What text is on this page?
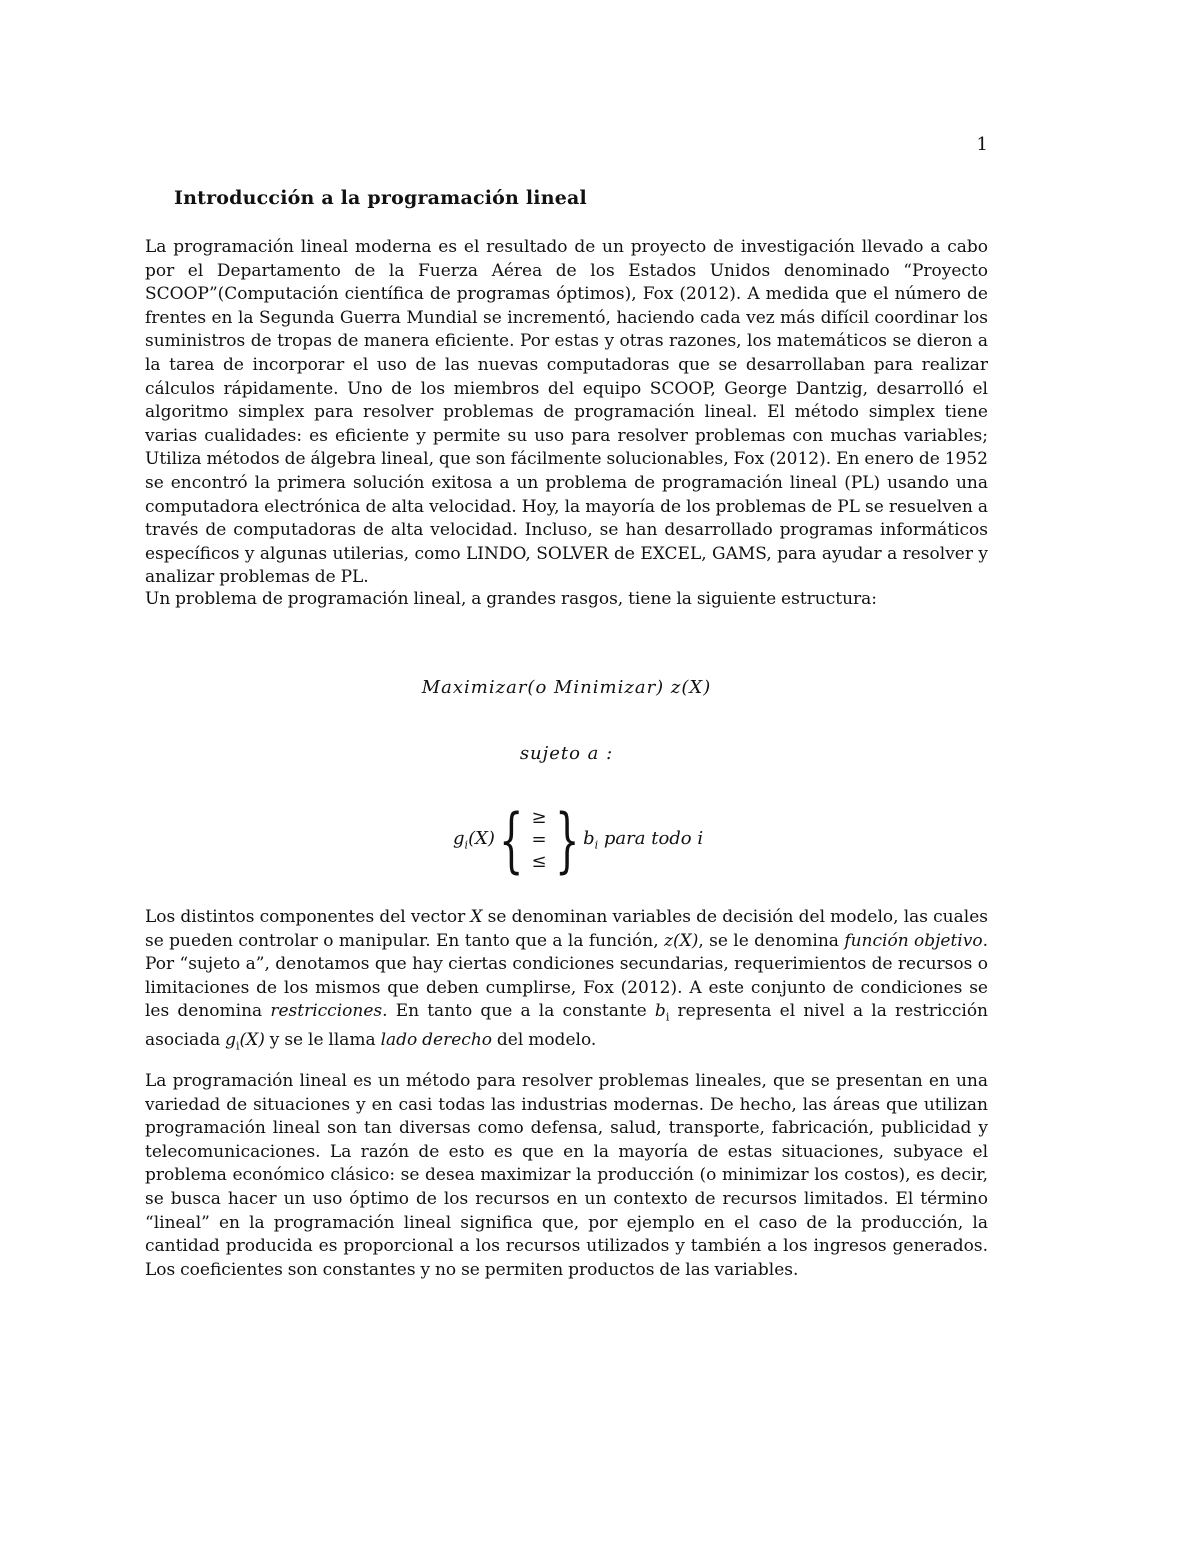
1
Introducción a la programación lineal

La programación lineal moderna es el resultado de un proyecto de investigación llevado a cabo por el Departamento de la Fuerza Aérea de los Estados Unidos denominado “Proyecto SCOOP”(Computación científica de programas óptimos), Fox (2012). A medida que el número de frentes en la Segunda Guerra Mundial se incrementó, haciendo cada vez más difícil coordinar los suministros de tropas de manera eficiente. Por estas y otras razones, los matemáticos se dieron a la tarea de incorporar el uso de las nuevas computadoras que se desarrollaban para realizar cálculos rápidamente. Uno de los miembros del equipo SCOOP, George Dantzig, desarrolló el algoritmo simplex para resolver problemas de programación lineal. El método simplex tiene varias cualidades: es eficiente y permite su uso para resolver problemas con muchas variables; Utiliza métodos de álgebra lineal, que son fácilmente solucionables, Fox (2012). En enero de 1952 se encontró la primera solución exitosa a un problema de programación lineal (PL) usando una computadora electrónica de alta velocidad. Hoy, la mayoría de los problemas de PL se resuelven a través de computadoras de alta velocidad. Incluso, se han desarrollado programas informáticos específicos y algunas utilerias, como LINDO, SOLVER de EXCEL, GAMS, para ayudar a resolver y analizar problemas de PL.

Un problema de programación lineal, a grandes rasgos, tiene la siguiente estructura:

Maximizar(o Minimizar) z(X)
sujeto a :
$g_i(X)$ { ≥
=
≤ } $b_i$ para todo i

Los distintos componentes del vector X se denominan variables de decisión del modelo, las cuales se pueden controlar o manipular. En tanto que a la función, z(X), se le denomina función objetivo. Por “sujeto a”, denotamos que hay ciertas condiciones secundarias, requerimientos de recursos o limitaciones de los mismos que deben cumplirse, Fox (2012). A este conjunto de condiciones se les denomina restricciones. En tanto que a la constante $b_i$ representa el nivel a la restricción asociada $g_i(X)$ y se le llama lado derecho del modelo.

La programación lineal es un método para resolver problemas lineales, que se presentan en una variedad de situaciones y en casi todas las industrias modernas. De hecho, las áreas que utilizan programación lineal son tan diversas como defensa, salud, transporte, fabricación, publicidad y telecomunicaciones. La razón de esto es que en la mayoría de estas situaciones, subyace el problema económico clásico: se desea maximizar la producción (o minimizar los costos), es decir, se busca hacer un uso óptimo de los recursos en un contexto de recursos limitados. El término “lineal” en la programación lineal significa que, por ejemplo en el caso de la producción, la cantidad producida es proporcional a los recursos utilizados y también a los ingresos generados. Los coeficientes son constantes y no se permiten productos de las variables.
